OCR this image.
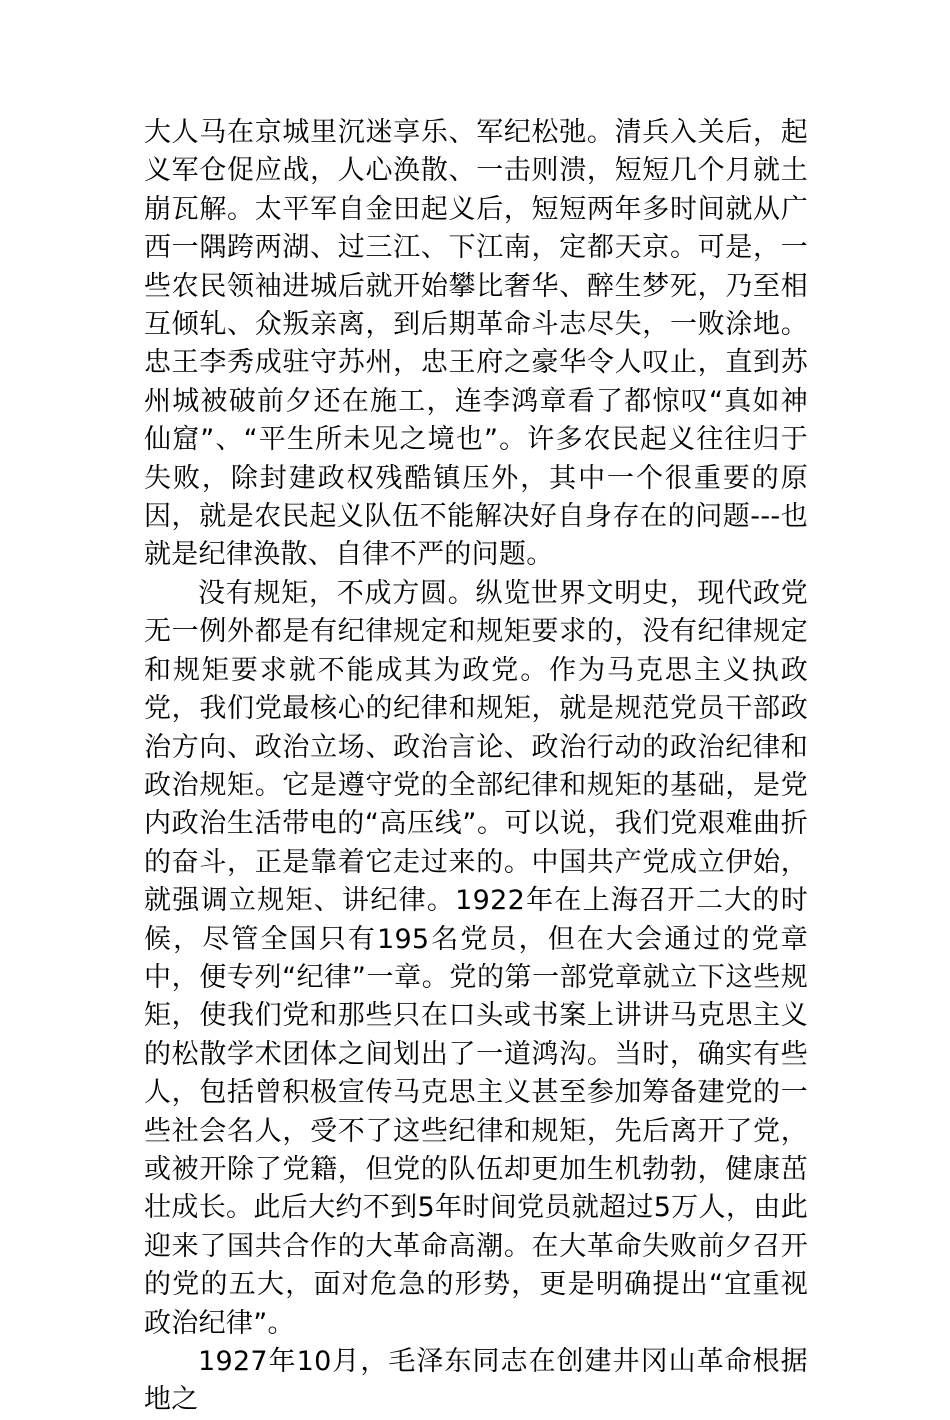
大人马在京城里沉迷享乐、军纪松弛。清兵入关后，起义军仓促应战，人心涣散、一击则溃，短短几个月就土崩瓦解。太平军自金田起义后，短短两年多时间就从广西一隅跨两湖、过三江、下江南，定都天京。可是，一些农民领袖进城后就开始攀比奢华、醉生梦死，乃至相互倾轧、众叛亲离，到后期革命斗志尽失，一败涂地。忠王李秀成驻守苏州，忠王府之豪华令人叹止，直到苏州城被破前夕还在施工，连李鸿章看了都惊叹“真如神仙窟”、“平生所未见之境也”。许多农民起义往往归于失败，除封建政权残酷镇压外，其中一个很重要的原因，就是农民起义队伍不能解决好自身存在的问题---也就是纪律涣散、自律不严的问题。

没有规矩，不成方圆。纵览世界文明史，现代政党无一例外都是有纪律规定和规矩要求的，没有纪律规定和规矩要求就不能成其为政党。作为马克思主义执政党，我们党最核心的纪律和规矩，就是规范党员干部政治方向、政治立场、政治言论、政治行动的政治纪律和政治规矩。它是遵守党的全部纪律和规矩的基础，是党内政治生活带电的“高压线”。可以说，我们党艰难曲折的奋斗，正是靠着它走过来的。中国共产党成立伊始，就强调立规矩、讲纪律。1922年在上海召开二大的时候，尽管全国只有195名党员，但在大会通过的党章中，便专列“纪律”一章。党的第一部党章就立下这些规矩，使我们党和那些只在口头或书案上讲讲马克思主义的松散学术团体之间划出了一道鸿沟。当时，确实有些人，包括曾积极宣传马克思主义甚至参加筹备建党的一些社会名人，受不了这些纪律和规矩，先后离开了党，或被开除了党籍，但党的队伍却更加生机勃勃，健康茁壮成长。此后大约不到5年时间党员就超过5万人，由此迎来了国共合作的大革命高潮。在大革命失败前夕召开的党的五大，面对危急的形势，更是明确提出“宜重视政治纪律”。

1927年10月，毛泽东同志在创建井冈山革命根据地之
